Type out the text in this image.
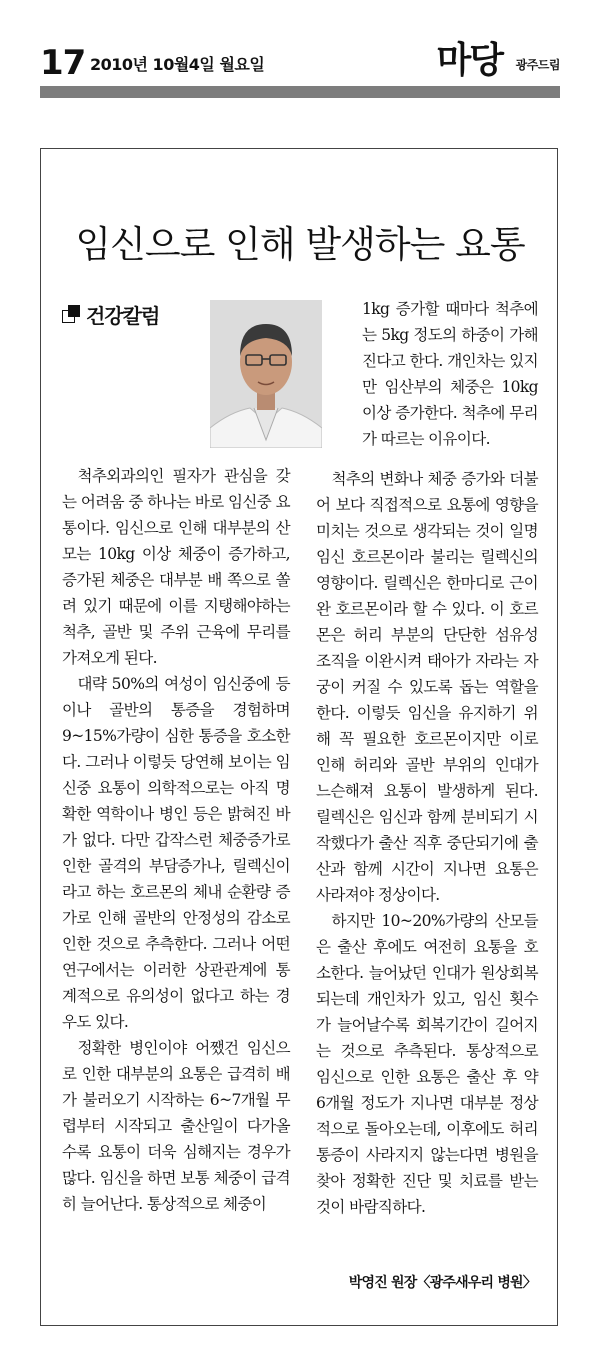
17 2010년 10월4일 월요일	마당 광주드림
임신으로 인해 발생하는 요통
건강칼럼	1kg 증가할 때마다 척추에는 5kg 정도의 하중이 가해진다고 한다. 개인차는 있지만 임산부의 체중은 10kg 이상 증가한다. 척추에 무리가 따르는 이유이다.

척추외과의인 필자가 관심을 갖는 어려움 중 하나는 바로 임신중 요통이다. 임신으로 인해 대부분의 산모는 10kg 이상 체중이 증가하고, 증가된 체중은 대부분 배 쪽으로 쏠려 있기 때문에 이를 지탱해야하는 척추, 골반 및 주위 근육에 무리를 가져오게 된다.

대략 50%의 여성이 임신중에 등이나 골반의 통증을 경험하며 9~15%가량이 심한 통증을 호소한다. 그러나 이렇듯 당연해 보이는 임신중 요통이 의학적으로는 아직 명확한 역학이나 병인 등은 밝혀진 바가 없다. 다만 갑작스런 체중증가로 인한 골격의 부담증가나, 릴렉신이라고 하는 호르몬의 체내 순환량 증가로 인해 골반의 안정성의 감소로 인한 것으로 추측한다. 그러나 어떤 연구에서는 이러한 상관관계에 통계적으로 유의성이 없다고 하는 경우도 있다.

정확한 병인이야 어쨌건 임신으로 인한 대부분의 요통은 급격히 배가 불러오기 시작하는 6~7개월 무렵부터 시작되고 출산일이 다가올수록 요통이 더욱 심해지는 경우가 많다. 임신을 하면 보통 체중이 급격히 늘어난다. 통상적으로 체중이

척추의 변화나 체중 증가와 더불어 보다 직접적으로 요통에 영향을 미치는 것으로 생각되는 것이 일명 임신 호르몬이라 불리는 릴렉신의 영향이다. 릴렉신은 한마디로 근이완 호르몬이라 할 수 있다. 이 호르몬은 허리 부분의 단단한 섬유성 조직을 이완시켜 태아가 자라는 자궁이 커질 수 있도록 돕는 역할을 한다. 이렇듯 임신을 유지하기 위해 꼭 필요한 호르몬이지만 이로 인해 허리와 골반 부위의 인대가 느슨해져 요통이 발생하게 된다. 릴렉신은 임신과 함께 분비되기 시작했다가 출산 직후 중단되기에 출산과 함께 시간이 지나면 요통은 사라져야 정상이다.

하지만 10~20%가량의 산모들은 출산 후에도 여전히 요통을 호소한다. 늘어났던 인대가 원상회복되는데 개인차가 있고, 임신 횟수가 늘어날수록 회복기간이 길어지는 것으로 추측된다. 통상적으로 임신으로 인한 요통은 출산 후 약 6개월 정도가 지나면 대부분 정상적으로 돌아오는데, 이후에도 허리통증이 사라지지 않는다면 병원을 찾아 정확한 진단 및 치료를 받는 것이 바람직하다.

박영진 원장〈광주새우리 병원〉
